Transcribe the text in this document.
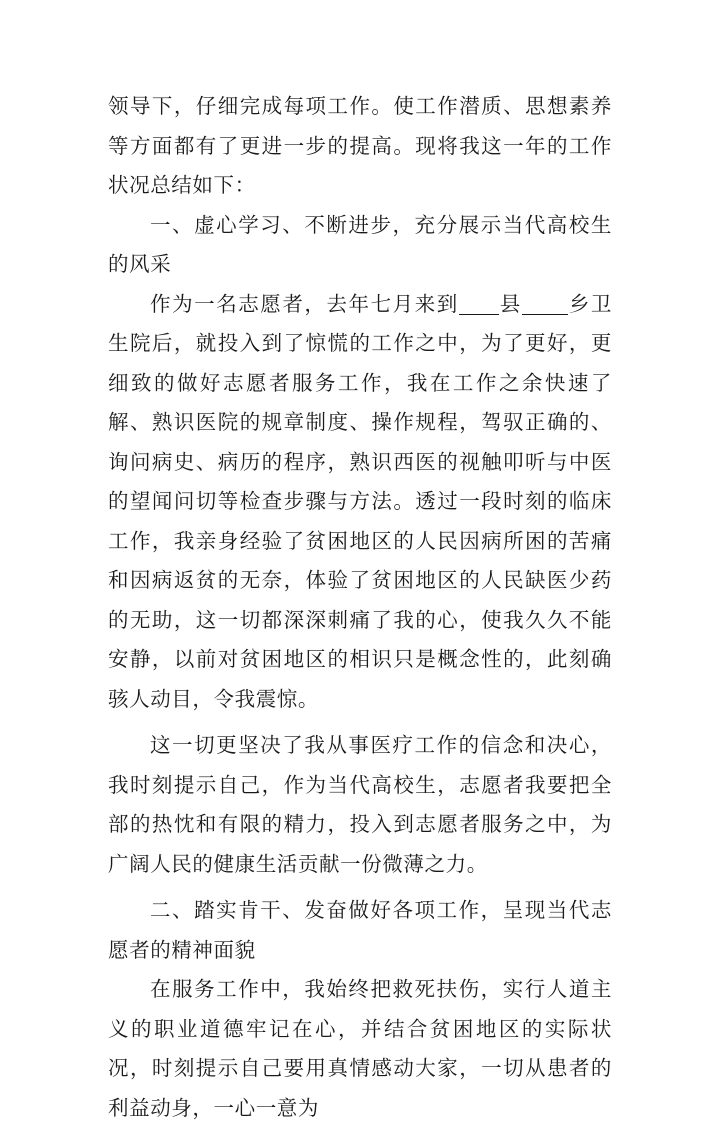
领导下，仔细完成每项工作。使工作潜质、思想素养等方面都有了更进一步的提高。现将我这一年的工作状况总结如下：

一、虚心学习、不断进步，充分展示当代高校生的风采

作为一名志愿者，去年七月来到 县 乡卫生院后，就投入到了惊慌的工作之中，为了更好，更细致的做好志愿者服务工作，我在工作之余快速了解、熟识医院的规章制度、操作规程，驾驭正确的、询问病史、病历的程序，熟识西医的视触叩听与中医的望闻问切等检查步骤与方法。透过一段时刻的临床工作，我亲身经验了贫困地区的人民因病所困的苦痛和因病返贫的无奈，体验了贫困地区的人民缺医少药的无助，这一切都深深刺痛了我的心，使我久久不能安静，以前对贫困地区的相识只是概念性的，此刻确骇人动目，令我震惊。

这一切更坚决了我从事医疗工作的信念和决心，我时刻提示自己，作为当代高校生，志愿者我要把全部的热忱和有限的精力，投入到志愿者服务之中，为广阔人民的健康生活贡献一份微薄之力。

二、踏实肯干、发奋做好各项工作，呈现当代志愿者的精神面貌

在服务工作中，我始终把救死扶伤，实行人道主义的职业道德牢记在心，并结合贫困地区的实际状况，时刻提示自己要用真情感动大家，一切从患者的利益动身，一心一意为
